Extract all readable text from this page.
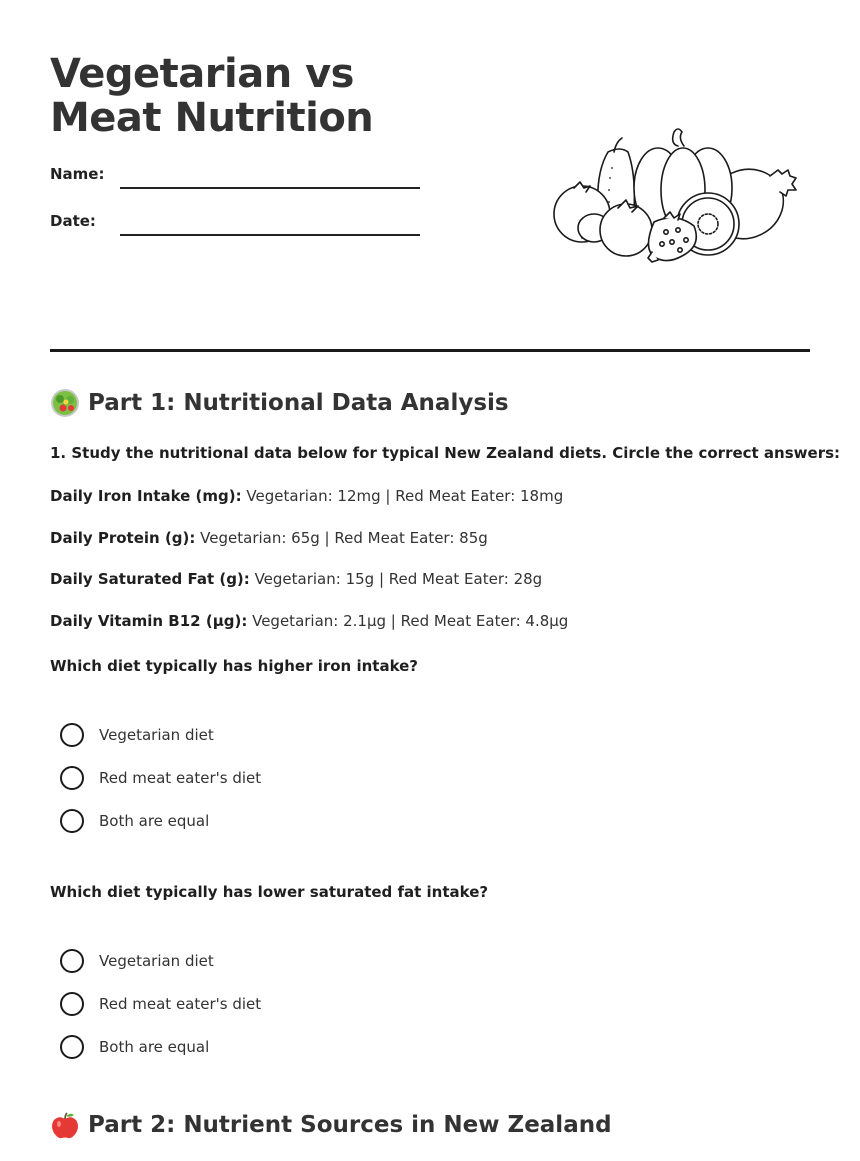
Vegetarian vs Meat Nutrition
Name:
Date:
Part 1: Nutritional Data Analysis
1. Study the nutritional data below for typical New Zealand diets. Circle the correct answers:
Daily Iron Intake (mg): Vegetarian: 12mg | Red Meat Eater: 18mg
Daily Protein (g): Vegetarian: 65g | Red Meat Eater: 85g
Daily Saturated Fat (g): Vegetarian: 15g | Red Meat Eater: 28g
Daily Vitamin B12 (µg): Vegetarian: 2.1µg | Red Meat Eater: 4.8µg
Which diet typically has higher iron intake?
Vegetarian diet
Red meat eater's diet
Both are equal
Which diet typically has lower saturated fat intake?
Vegetarian diet
Red meat eater's diet
Both are equal
Part 2: Nutrient Sources in New Zealand
